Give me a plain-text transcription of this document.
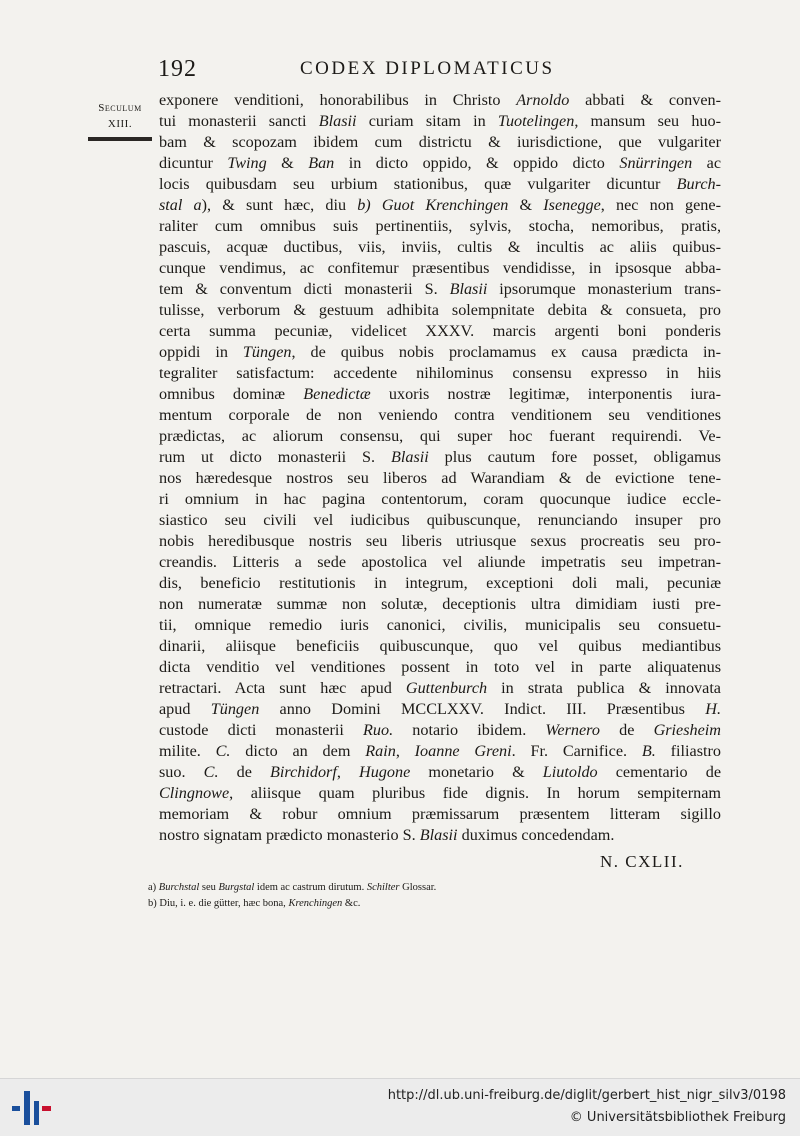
192	CODEX DIPLOMATICUS
Seculum
XIII.
exponere venditioni, honorabilibus in Christo Arnoldo abbati & conven-
tui monasterii sancti Blasii curiam sitam in Tuotelingen, mansum seu huo-
bam & scopozam ibidem cum districtu & iurisdictione, que vulgariter
dicuntur Twing & Ban in dicto oppido, & oppido dicto Snürringen ac
locis quibusdam seu urbium stationibus, quæ vulgariter dicuntur Burch-
stal a), & sunt hæc, diu b) Guot Krenchingen & Isenegge, nec non gene-
raliter cum omnibus suis pertinentiis, sylvis, stocha, nemoribus, pratis,
pascuis, acquæ ductibus, viis, inviis, cultis & incultis ac aliis quibus-
cunque vendimus, ac confitemur præsentibus vendidisse, in ipsosque abba-
tem & conventum dicti monasterii S. Blasii ipsorumque monasterium trans-
tulisse, verborum & gestuum adhibita solempnitate debita & consueta, pro
certa summa pecuniæ, videlicet XXXV. marcis argenti boni ponderis
oppidi in Tüngen, de quibus nobis proclamamus ex causa prædicta in-
tegraliter satisfactum: accedente nihilominus consensu expresso in hiis
omnibus dominæ Benedictæ uxoris nostræ legitimæ, interponentis iura-
mentum corporale de non veniendo contra venditionem seu venditiones
prædictas, ac aliorum consensu, qui super hoc fuerant requirendi. Ve-
rum ut dicto monasterii S. Blasii plus cautum fore posset, obligamus
nos hæredesque nostros seu liberos ad Warandiam & de evictione tene-
ri omnium in hac pagina contentorum, coram quocunque iudice eccle-
siastico seu civili vel iudicibus quibuscunque, renunciando insuper pro
nobis heredibusque nostris seu liberis utriusque sexus procreatis seu pro-
creandis. Litteris a sede apostolica vel aliunde impetratis seu impetran-
dis, beneficio restitutionis in integrum, exceptioni doli mali, pecuniæ
non numeratæ summæ non solutæ, deceptionis ultra dimidiam iusti pre-
tii, omnique remedio iuris canonici, civilis, municipalis seu consuetu-
dinarii, aliisque beneficiis quibuscunque, quo vel quibus mediantibus
dicta venditio vel venditiones possent in toto vel in parte aliquatenus
retractari. Acta sunt hæc apud Guttenburch in strata publica & innovata
apud Tüngen anno Domini MCCLXXV. Indict. III. Præsentibus H.
custode dicti monasterii Ruo. notario ibidem. Wernero de Griesheim
milite. C. dicto an dem Rain, Ioanne Greni. Fr. Carnifice. B. filiastro
suo. C. de Birchidorf, Hugone monetario & Liutoldo cementario de
Clingnowe, aliisque quam pluribus fide dignis. In horum sempiternam
memoriam & robur omnium præmissarum præsentem litteram sigillo
nostro signatam prædicto monasterio S. Blasii duximus concedendam.
N. CXLII.
a) Burchstal seu Burgstal idem ac castrum dirutum. Schilter Glossar.
b) Diu, i. e. die gütter, hæc bona, Krenchingen &c.
http://dl.ub.uni-freiburg.de/diglit/gerbert_hist_nigr_silv3/0198
© Universitätsbibliothek Freiburg
